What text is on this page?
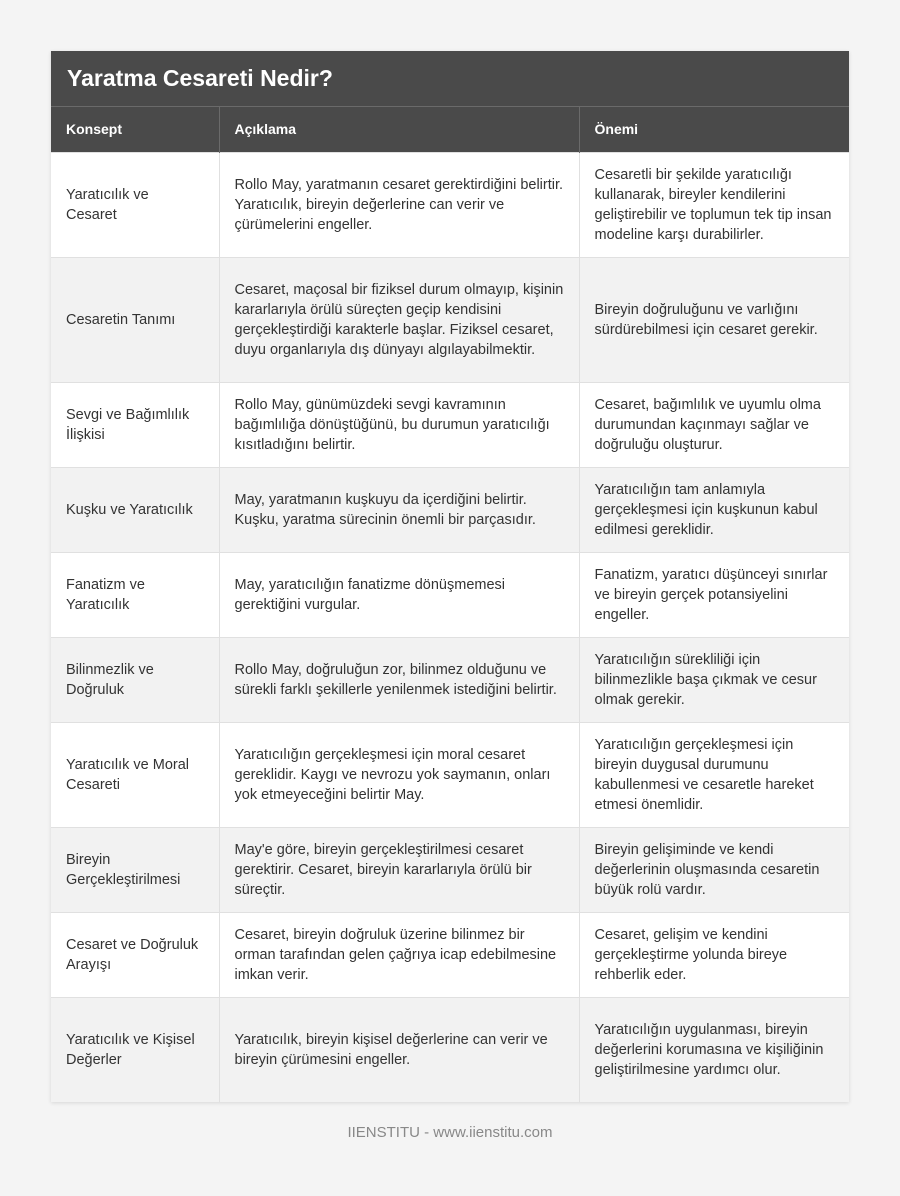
Yaratma Cesareti Nedir?
Konsept	Açıklama	Önemi
Yaratıcılık ve Cesaret	Rollo May, yaratmanın cesaret gerektirdiğini belirtir. Yaratıcılık, bireyin değerlerine can verir ve çürümelerini engeller.	Cesaretli bir şekilde yaratıcılığı kullanarak, bireyler kendilerini geliştirebilir ve toplumun tek tip insan modeline karşı durabilirler.
Cesaretin Tanımı	Cesaret, maçosal bir fiziksel durum olmayıp, kişinin kararlarıyla örülü süreçten geçip kendisini gerçekleştirdiği karakterle başlar. Fiziksel cesaret, duyu organlarıyla dış dünyayı algılayabilmektir.	Bireyin doğruluğunu ve varlığını sürdürebilmesi için cesaret gerekir.
Sevgi ve Bağımlılık İlişkisi	Rollo May, günümüzdeki sevgi kavramının bağımlılığa dönüştüğünü, bu durumun yaratıcılığı kısıtladığını belirtir.	Cesaret, bağımlılık ve uyumlu olma durumundan kaçınmayı sağlar ve doğruluğu oluşturur.
Kuşku ve Yaratıcılık	May, yaratmanın kuşkuyu da içerdiğini belirtir. Kuşku, yaratma sürecinin önemli bir parçasıdır.	Yaratıcılığın tam anlamıyla gerçekleşmesi için kuşkunun kabul edilmesi gereklidir.
Fanatizm ve Yaratıcılık	May, yaratıcılığın fanatizme dönüşmemesi gerektiğini vurgular.	Fanatizm, yaratıcı düşünceyi sınırlar ve bireyin gerçek potansiyelini engeller.
Bilinmezlik ve Doğruluk	Rollo May, doğruluğun zor, bilinmez olduğunu ve sürekli farklı şekillerle yenilenmek istediğini belirtir.	Yaratıcılığın sürekliliği için bilinmezlikle başa çıkmak ve cesur olmak gerekir.
Yaratıcılık ve Moral Cesareti	Yaratıcılığın gerçekleşmesi için moral cesaret gereklidir. Kaygı ve nevrozu yok saymanın, onları yok etmeyeceğini belirtir May.	Yaratıcılığın gerçekleşmesi için bireyin duygusal durumunu kabullenmesi ve cesaretle hareket etmesi önemlidir.
Bireyin Gerçekleştirilmesi	May'e göre, bireyin gerçekleştirilmesi cesaret gerektirir. Cesaret, bireyin kararlarıyla örülü bir süreçtir.	Bireyin gelişiminde ve kendi değerlerinin oluşmasında cesaretin büyük rolü vardır.
Cesaret ve Doğruluk Arayışı	Cesaret, bireyin doğruluk üzerine bilinmez bir orman tarafından gelen çağrıya icap edebilmesine imkan verir.	Cesaret, gelişim ve kendini gerçekleştirme yolunda bireye rehberlik eder.
Yaratıcılık ve Kişisel Değerler	Yaratıcılık, bireyin kişisel değerlerine can verir ve bireyin çürümesini engeller.	Yaratıcılığın uygulanması, bireyin değerlerini korumasına ve kişiliğinin geliştirilmesine yardımcı olur.
IIENSTITU - www.iienstitu.com
